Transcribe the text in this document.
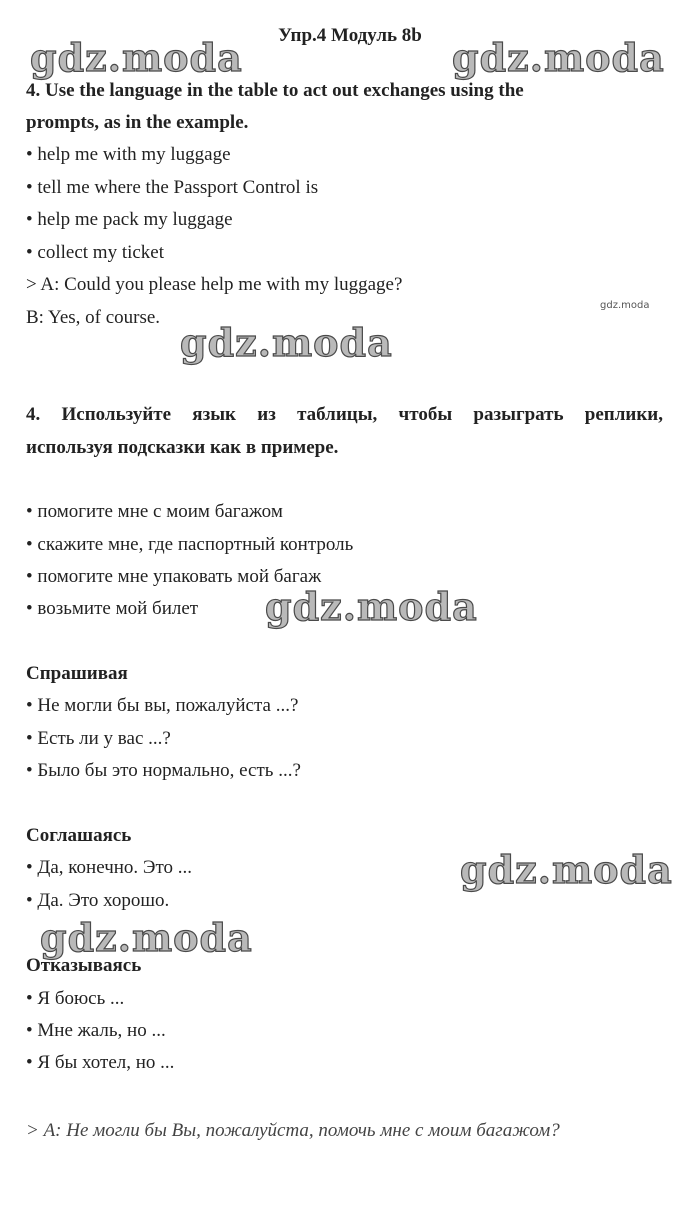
Упр.4 Модуль 8b
4. Use the language in the table to act out exchanges using the
prompts, as in the example.
• help me with my luggage
• tell me where the Passport Control is
• help me pack my luggage
• collect my ticket
> A: Could you please help me with my luggage?
B: Yes, of course.
4. Используйте язык из таблицы, чтобы разыграть реплики,
используя подсказки как в примере.
• помогите мне с моим багажом
• скажите мне, где паспортный контроль
• помогите мне упаковать мой багаж
• возьмите мой билет
Спрашивая
• Не могли бы вы, пожалуйста ...?
• Есть ли у вас ...?
• Было бы это нормально, есть ...?
Соглашаясь
• Да, конечно. Это ...
• Да. Это хорошо.
Отказываясь
• Я боюсь ...
• Мне жаль, но ...
• Я бы хотел, но ...
> А: Не могли бы Вы, пожалуйста, помочь мне с моим багажом?
gdz.moda	gdz.moda
gdz.moda
gdz.moda
gdz.moda
gdz.moda
gdz.moda
